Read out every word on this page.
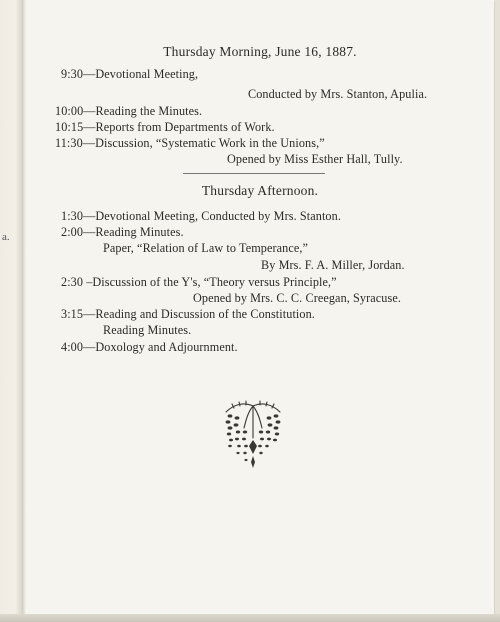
a.
Thursday Morning, June 16, 1887.
9:30—Devotional Meeting,
Conducted by Mrs. Stanton, Apulia.
10:00—Reading the Minutes.
10:15—Reports from Departments of Work.
11:30—Discussion, “Systematic Work in the Unions,”
Opened by Miss Esther Hall, Tully.
Thursday Afternoon.
1:30—Devotional Meeting, Conducted by Mrs. Stanton.
2:00—Reading Minutes.
Paper, “Relation of Law to Temperance,”
By Mrs. F. A. Miller, Jordan.
2:30 –Discussion of the Y's, “Theory versus Principle,”
Opened by Mrs. C. C. Creegan, Syracuse.
3:15—Reading and Discussion of the Constitution.
Reading Minutes.
4:00—Doxology and Adjournment.
